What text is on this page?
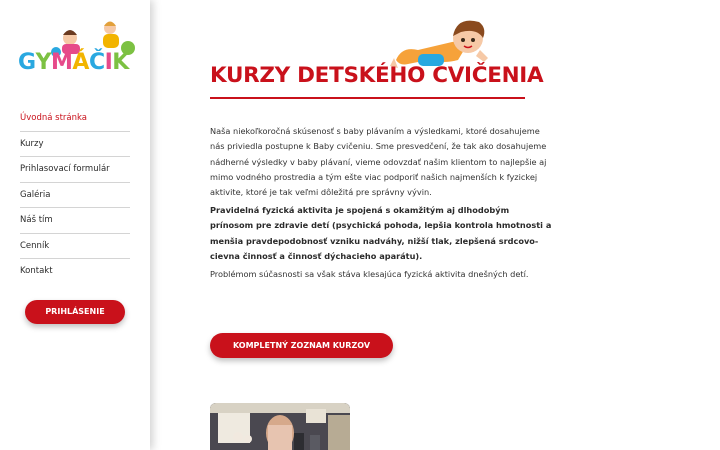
GYMÁČIK
Úvodná stránka
Kurzy
Prihlasovací formulár
Galéria
Náš tím
Cenník
Kontakt
PRIHLÁSENIE
KURZY DETSKÉHO CVIČENIA

Naša niekoľkoročná skúsenosť s baby plávaním a výsledkami, ktoré dosahujeme nás priviedla postupne k Baby cvičeniu. Sme presvedčení, že tak ako dosahujeme nádherné výsledky v baby plávaní, vieme odovzdať našim klientom to najlepšie aj mimo vodného prostredia a tým ešte viac podporiť našich najmenších k fyzickej aktivite, ktoré je tak veľmi dôležitá pre správny vývin.

Pravidelná fyzická aktivita je spojená s okamžitým aj dlhodobým prínosom pre zdravie detí (psychická pohoda, lepšia kontrola hmotnosti a menšia pravdepodobnosť vzniku nadváhy, nižší tlak, zlepšená srdcovo-cievna činnosť a činnosť dýchacieho aparátu).

Problémom súčasnosti sa však stáva klesajúca fyzická aktivita dnešných detí.

KOMPLETNÝ ZOZNAM KURZOV
